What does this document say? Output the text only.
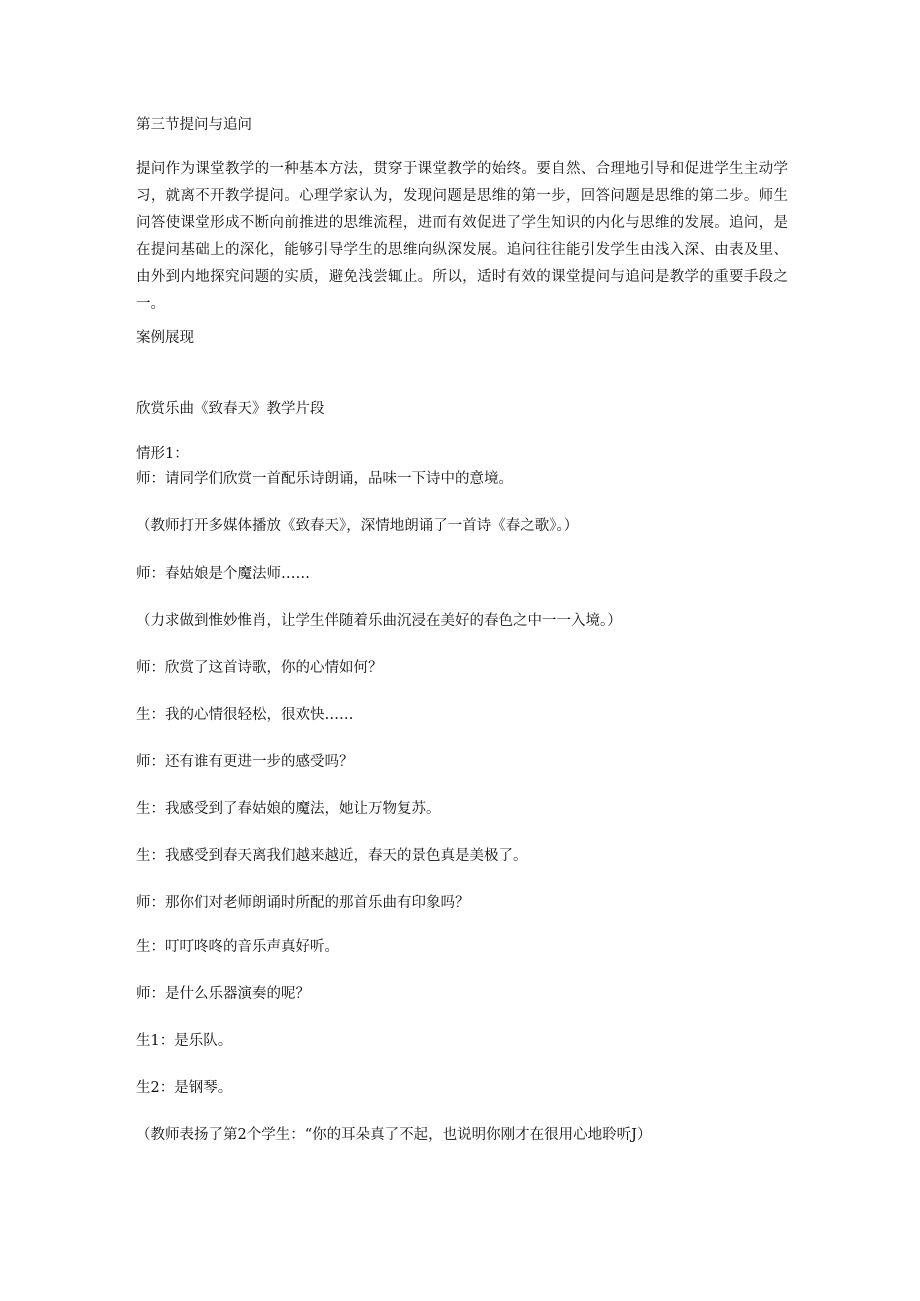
第三节提问与追问
提问作为课堂教学的一种基本方法，贯穿于课堂教学的始终。要自然、合理地引导和促进学生主动学习，就离不开教学提问。心理学家认为，发现问题是思维的第一步，回答问题是思维的第二步。师生问答使课堂形成不断向前推进的思维流程，进而有效促进了学生知识的内化与思维的发展。追问，是在提问基础上的深化，能够引导学生的思维向纵深发展。追问往往能引发学生由浅入深、由表及里、由外到内地探究问题的实质，避免浅尝辄止。所以，适时有效的课堂提问与追问是教学的重要手段之一。
案例展现
欣赏乐曲《致春天》教学片段
情形1：
师：请同学们欣赏一首配乐诗朗诵，品味一下诗中的意境。
（教师打开多媒体播放《致春天》，深情地朗诵了一首诗《春之歌》。）
师：春姑娘是个魔法师……
（力求做到惟妙惟肖，让学生伴随着乐曲沉浸在美好的春色之中一一入境。）
师：欣赏了这首诗歌，你的心情如何？
生：我的心情很轻松，很欢快……
师：还有谁有更进一步的感受吗？
生：我感受到了春姑娘的魔法，她让万物复苏。
生：我感受到春天离我们越来越近，春天的景色真是美极了。
师：那你们对老师朗诵时所配的那首乐曲有印象吗？
生：叮叮咚咚的音乐声真好听。
师：是什么乐器演奏的呢？
生1：是乐队。
生2：是钢琴。
（教师表扬了第2个学生：“你的耳朵真了不起，也说明你刚才在很用心地聆听J）
